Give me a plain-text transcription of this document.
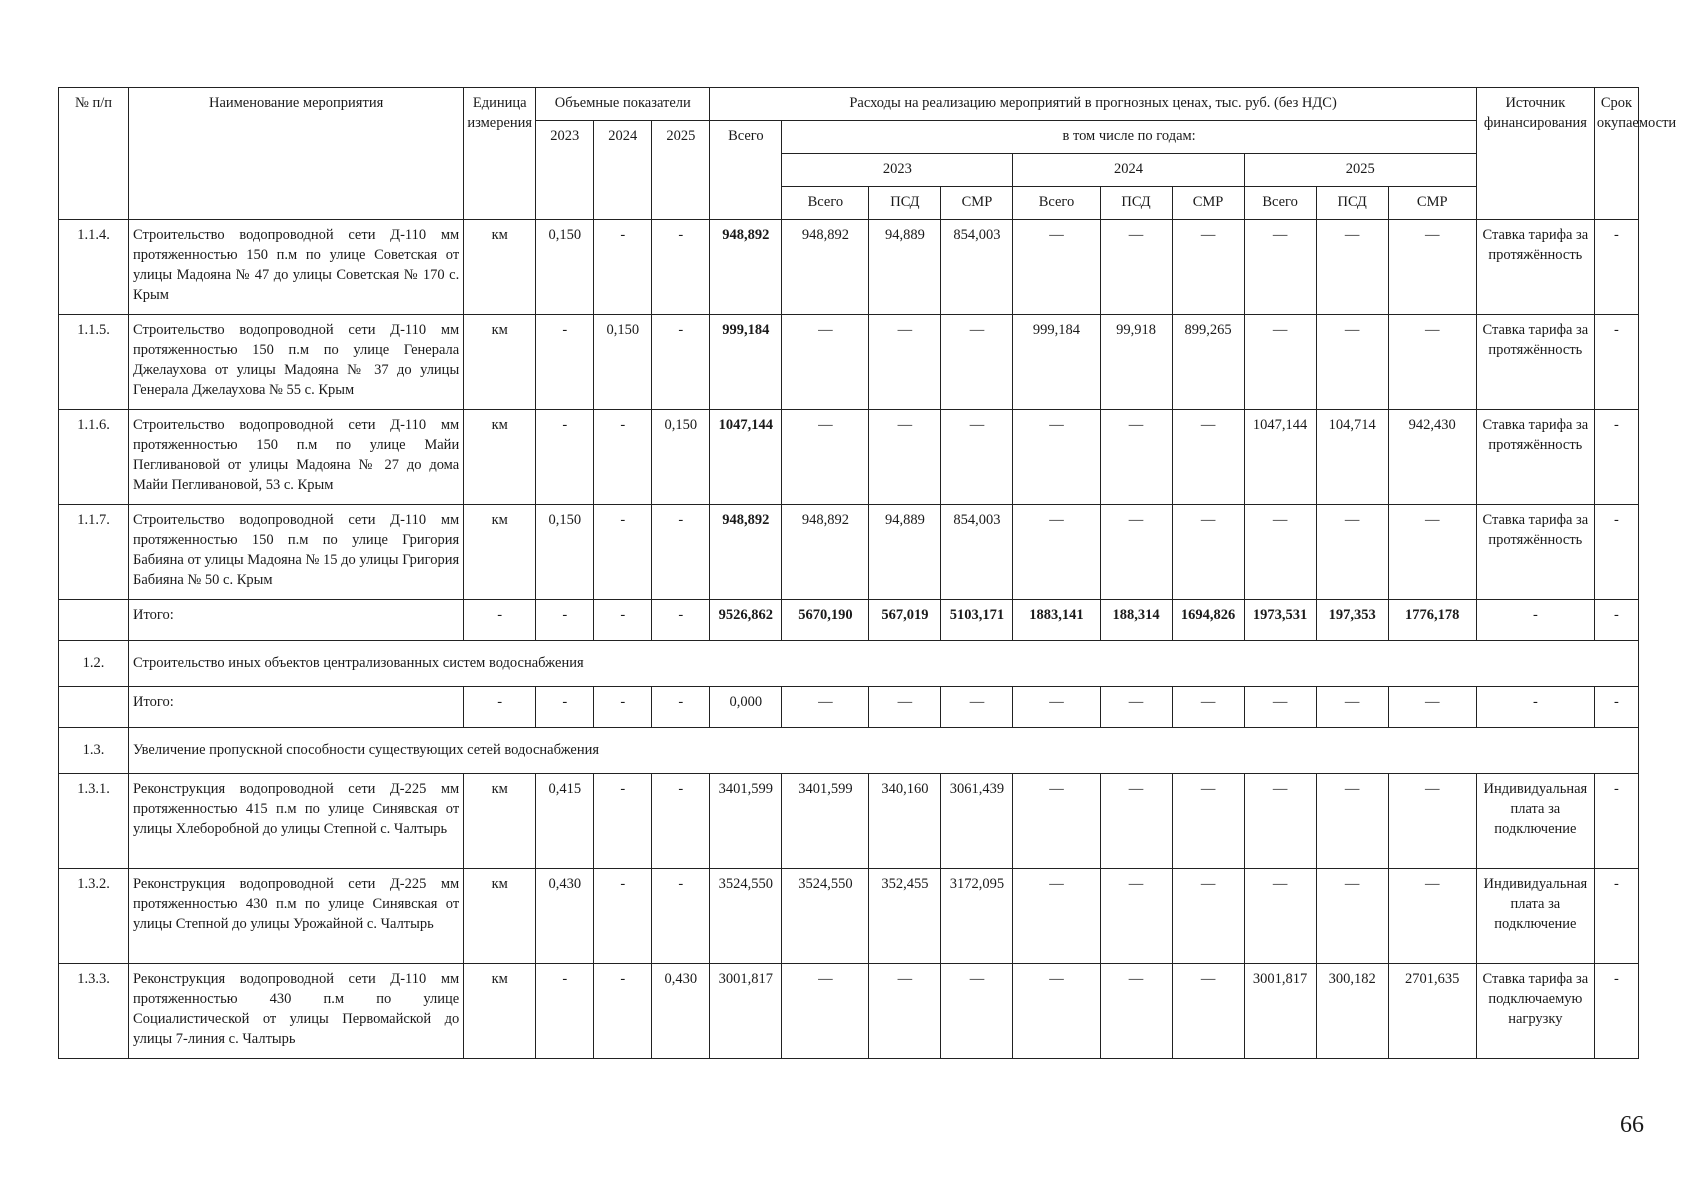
№ п/п	Наименование мероприятия	Единица измерения	Объемные показатели			Расходы на реализацию мероприятий в прогнозных ценах, тыс. руб. (без НДС)										Источник финансирования	Срок окупаемости
			2023	2024	2025	Всего	в том числе по годам:										
							2023			2024			2025				
							Всего	ПСД	СМР	Всего	ПСД	СМР	Всего	ПСД	СМР		
1.1.4.	Строительство водопроводной сети Д-110 мм протяженностью 150 п.м по улице Советская от улицы Мадояна № 47 до улицы Советская № 170 с. Крым	км	0,150	-	-	948,892	948,892	94,889	854,003	—	—	—	—	—	—	Ставка тарифа за протяжённость	-
1.1.5.	Строительство водопроводной сети Д-110 мм протяженностью 150 п.м по улице Генерала Джелаухова от улицы Мадояна № 37 до улицы Генерала Джелаухова № 55 с. Крым	км	-	0,150	-	999,184	—	—	—	999,184	99,918	899,265	—	—	—	Ставка тарифа за протяжённость	-
1.1.6.	Строительство водопроводной сети Д-110 мм протяженностью 150 п.м по улице Майи Пегливановой от улицы Мадояна № 27 до дома Майи Пегливановой, 53 с. Крым	км	-	-	0,150	1047,144	—	—	—	—	—	—	1047,144	104,714	942,430	Ставка тарифа за протяжённость	-
1.1.7.	Строительство водопроводной сети Д-110 мм протяженностью 150 п.м по улице Григория Бабияна от улицы Мадояна № 15 до улицы Григория Бабияна № 50 с. Крым	км	0,150	-	-	948,892	948,892	94,889	854,003	—	—	—	—	—	—	Ставка тарифа за протяжённость	-
	Итого:	-	-	-	-	9526,862	5670,190	567,019	5103,171	1883,141	188,314	1694,826	1973,531	197,353	1776,178	-	-
1.2.	Строительство иных объектов централизованных систем водоснабжения																
	Итого:	-	-	-	-	0,000	—	—	—	—	—	—	—	—	—	-	-
1.3.	Увеличение пропускной способности существующих сетей водоснабжения																
1.3.1.	Реконструкция водопроводной сети Д-225 мм протяженностью 415 п.м по улице Синявская от улицы Хлеборобной до улицы Степной с. Чалтырь	км	0,415	-	-	3401,599	3401,599	340,160	3061,439	—	—	—	—	—	—	Индивидуальная плата за подключение	-
1.3.2.	Реконструкция водопроводной сети Д-225 мм протяженностью 430 п.м по улице Синявская от улицы Степной до улицы Урожайной с. Чалтырь	км	0,430	-	-	3524,550	3524,550	352,455	3172,095	—	—	—	—	—	—	Индивидуальная плата за подключение	-
1.3.3.	Реконструкция водопроводной сети Д-110 мм протяженностью 430 п.м по улице Социалистической от улицы Первомайской до улицы 7-линия с. Чалтырь	км	-	-	0,430	3001,817	—	—	—	—	—	—	3001,817	300,182	2701,635	Ставка тарифа за подключаемую нагрузку	-
66
